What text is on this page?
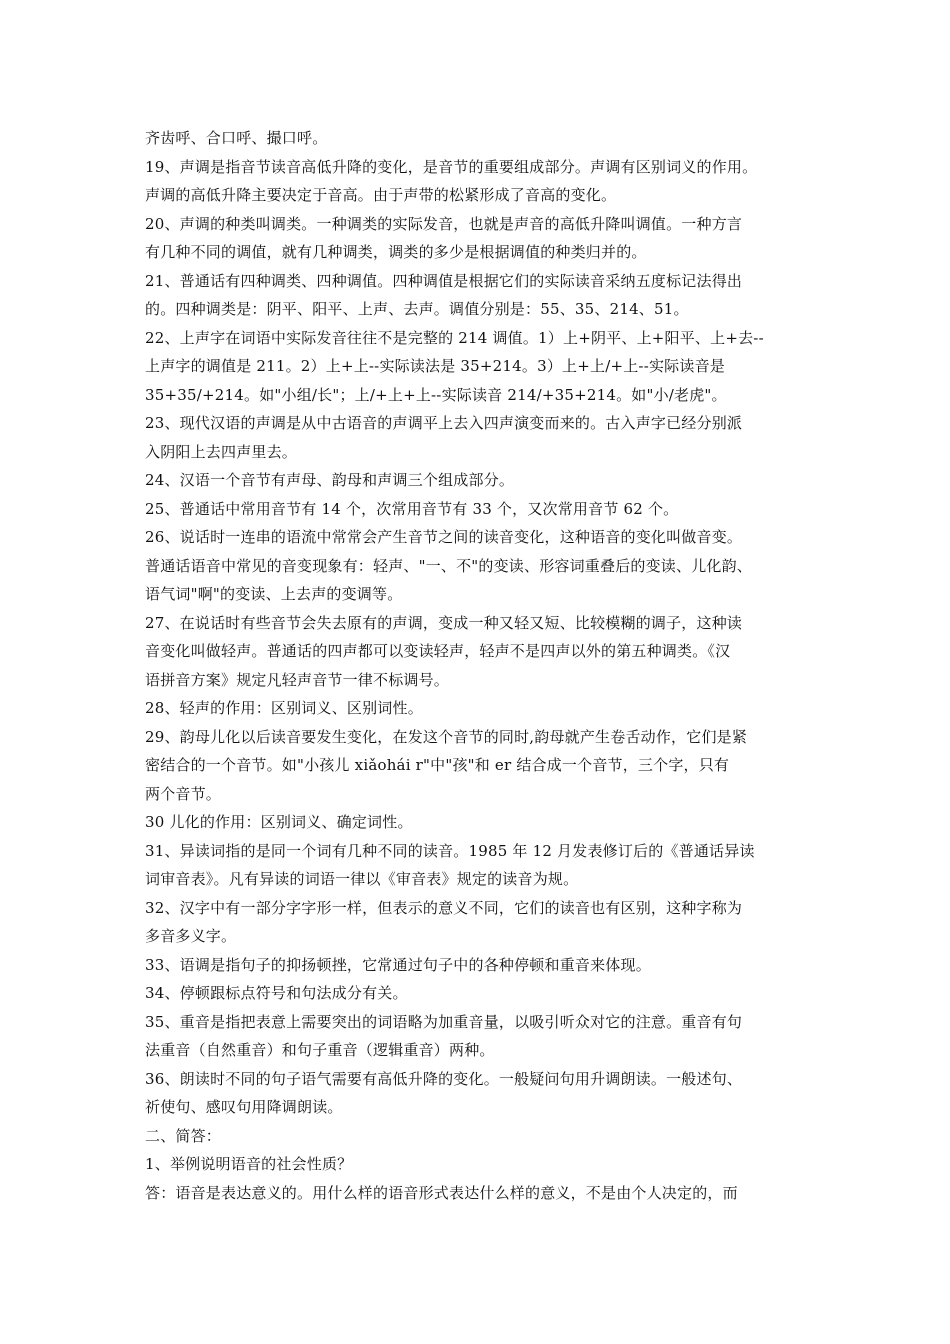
齐齿呼、合口呼、撮口呼。
19、声调是指音节读音高低升降的变化，是音节的重要组成部分。声调有区别词义的作用。
声调的高低升降主要决定于音高。由于声带的松紧形成了音高的变化。
20、声调的种类叫调类。一种调类的实际发音，也就是声音的高低升降叫调值。一种方言
有几种不同的调值，就有几种调类，调类的多少是根据调值的种类归并的。
21、普通话有四种调类、四种调值。四种调值是根据它们的实际读音采纳五度标记法得出
的。四种调类是：阴平、阳平、上声、去声。调值分别是：55、35、214、51。
22、上声字在词语中实际发音往往不是完整的 214 调值。1）上+阴平、上+阳平、上+去--
上声字的调值是 211。2）上+上--实际读法是 35+214。3）上+上/+上--实际读音是
35+35/+214。如"小组/长"；上/+上+上--实际读音 214/+35+214。如"小/老虎"。
23、现代汉语的声调是从中古语音的声调平上去入四声演变而来的。古入声字已经分别派
入阴阳上去四声里去。
24、汉语一个音节有声母、韵母和声调三个组成部分。
25、普通话中常用音节有 14 个，次常用音节有 33 个，又次常用音节 62 个。
26、说话时一连串的语流中常常会产生音节之间的读音变化，这种语音的变化叫做音变。
普通话语音中常见的音变现象有：轻声、"一、不"的变读、形容词重叠后的变读、儿化韵、
语气词"啊"的变读、上去声的变调等。
27、在说话时有些音节会失去原有的声调，变成一种又轻又短、比较模糊的调子，这种读
音变化叫做轻声。普通话的四声都可以变读轻声，轻声不是四声以外的第五种调类。《汉
语拼音方案》规定凡轻声音节一律不标调号。
28、轻声的作用：区别词义、区别词性。
29、韵母儿化以后读音要发生变化，在发这个音节的同时,韵母就产生卷舌动作，它们是紧
密结合的一个音节。如"小孩儿 xiǎohái r"中"孩"和 er 结合成一个音节，三个字，只有
两个音节。
30 儿化的作用：区别词义、确定词性。
31、异读词指的是同一个词有几种不同的读音。1985 年 12 月发表修订后的《普通话异读
词审音表》。凡有异读的词语一律以《审音表》规定的读音为规。
32、汉字中有一部分字字形一样，但表示的意义不同，它们的读音也有区别，这种字称为
多音多义字。
33、语调是指句子的抑扬顿挫，它常通过句子中的各种停顿和重音来体现。
34、停顿跟标点符号和句法成分有关。
35、重音是指把表意上需要突出的词语略为加重音量，以吸引听众对它的注意。重音有句
法重音（自然重音）和句子重音（逻辑重音）两种。
36、朗读时不同的句子语气需要有高低升降的变化。一般疑问句用升调朗读。一般述句、
祈使句、感叹句用降调朗读。
二、简答：
1、举例说明语音的社会性质？
答：语音是表达意义的。用什么样的语音形式表达什么样的意义，不是由个人决定的，而
